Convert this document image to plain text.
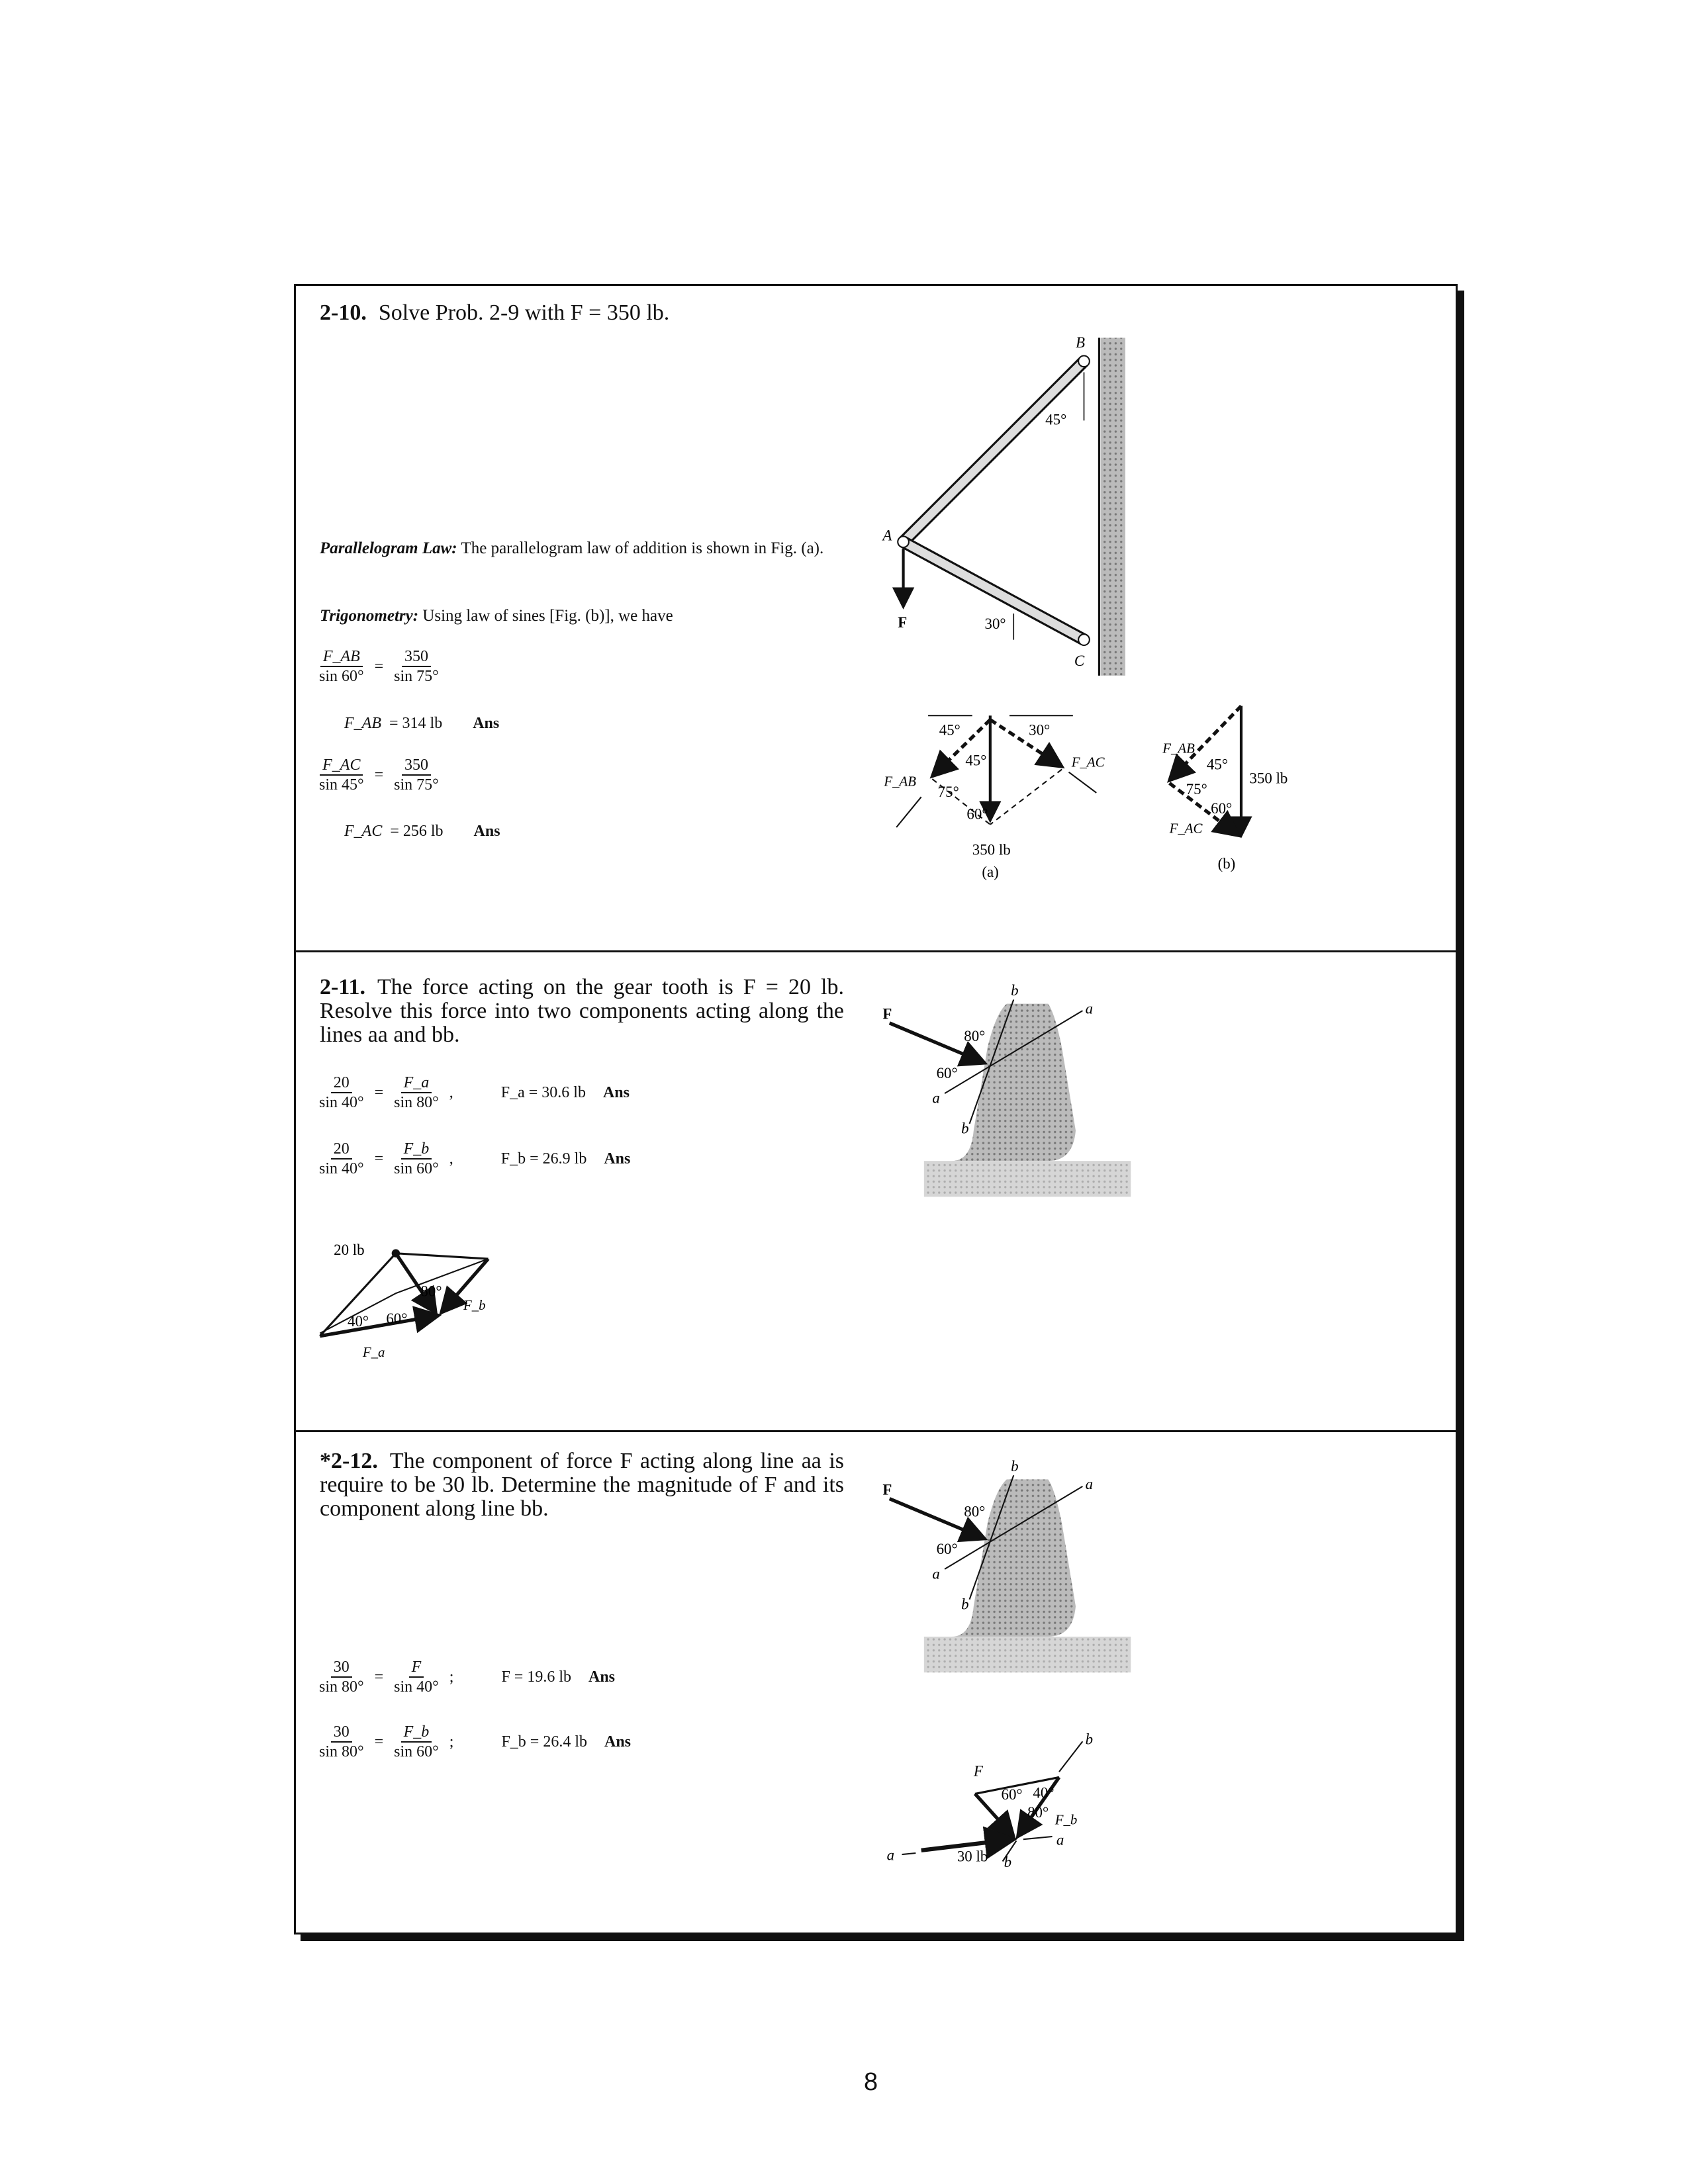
2-10. Solve Prob. 2-9 with F = 350 lb.
Parallelogram Law: The parallelogram law of addition is shown in Fig. (a).
Trigonometry: Using law of sines [Fig. (b)], we have
$\frac{F\_AB}{\sin 60^\circ} = \frac{350}{\sin 75^\circ}$
F_AB = 314 lb Ans
$\frac{F\_AC}{\sin 45^\circ} = \frac{350}{\sin 75^\circ}$
F_AC = 256 lb Ans
2-11. The force acting on the gear tooth is F = 20 lb. Resolve this force into two components acting along the lines aa and bb.
$\frac{20}{\sin 40^\circ} = \frac{F\_a}{\sin 80^\circ}$ ,	F_a = 30.6 lb Ans
$\frac{20}{\sin 40^\circ} = \frac{F\_b}{\sin 60^\circ}$ ,	F_b = 26.9 lb Ans
*2-12. The component of force F acting along line aa is require to be 30 lb. Determine the magnitude of F and its component along line bb.
$\frac{30}{\sin 80^\circ} = \frac{F}{\sin 40^\circ}$ ;	F = 19.6 lb Ans
$\frac{30}{\sin 80^\circ} = \frac{F\_b}{\sin 60^\circ}$ ;	F_b = 26.4 lb Ans
8
B
A
C
F
45°
30°
45°	30°
45°
75°
60°
F_AB
F_AC
350 lb
(a)
F_AB
F_AC
45°
75°
60°
350 lb
(b)
F
b
a
80°
60°
a
b
20 lb
80°
40° 60°
F_b
F_a
F
b
a
80°
60°
a
b
F
60° 40°
80° F_b
a
a
b
b
30 lb
